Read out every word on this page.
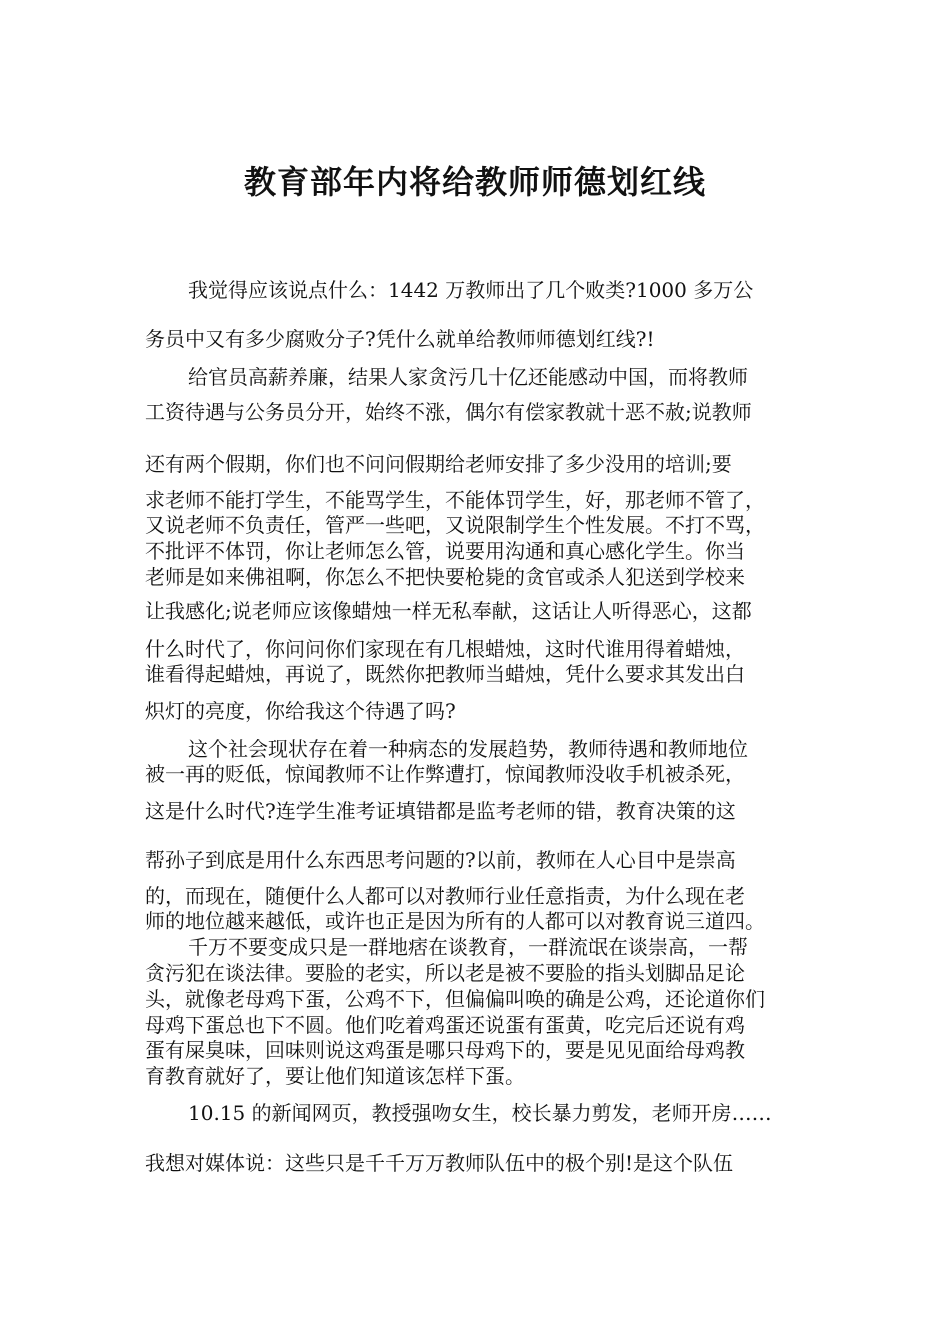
教育部年内将给教师师德划红线

我觉得应该说点什么：1442 万教师出了几个败类?1000 多万公

务员中又有多少腐败分子?凭什么就单给教师师德划红线?!

给官员高薪养廉，结果人家贪污几十亿还能感动中国，而将教师

工资待遇与公务员分开，始终不涨，偶尔有偿家教就十恶不赦;说教师

还有两个假期，你们也不问问假期给老师安排了多少没用的培训;要

求老师不能打学生，不能骂学生，不能体罚学生，好，那老师不管了，

又说老师不负责任，管严一些吧，又说限制学生个性发展。不打不骂，

不批评不体罚，你让老师怎么管，说要用沟通和真心感化学生。你当

老师是如来佛祖啊，你怎么不把快要枪毙的贪官或杀人犯送到学校来

让我感化;说老师应该像蜡烛一样无私奉献，这话让人听得恶心，这都

什么时代了，你问问你们家现在有几根蜡烛，这时代谁用得着蜡烛，

谁看得起蜡烛，再说了，既然你把教师当蜡烛，凭什么要求其发出白

炽灯的亮度，你给我这个待遇了吗?

这个社会现状存在着一种病态的发展趋势，教师待遇和教师地位

被一再的贬低，惊闻教师不让作弊遭打，惊闻教师没收手机被杀死，

这是什么时代?连学生准考证填错都是监考老师的错，教育决策的这

帮孙子到底是用什么东西思考问题的?以前，教师在人心目中是崇高

的，而现在，随便什么人都可以对教师行业任意指责，为什么现在老

师的地位越来越低，或许也正是因为所有的人都可以对教育说三道四。

千万不要变成只是一群地痞在谈教育，一群流氓在谈崇高，一帮

贪污犯在谈法律。要脸的老实，所以老是被不要脸的指头划脚品足论

头，就像老母鸡下蛋，公鸡不下，但偏偏叫唤的确是公鸡，还论道你们

母鸡下蛋总也下不圆。他们吃着鸡蛋还说蛋有蛋黄，吃完后还说有鸡

蛋有屎臭味，回味则说这鸡蛋是哪只母鸡下的，要是见见面给母鸡教

育教育就好了，要让他们知道该怎样下蛋。

10.15 的新闻网页，教授强吻女生，校长暴力剪发，老师开房……

我想对媒体说：这些只是千千万万教师队伍中的极个别!是这个队伍
